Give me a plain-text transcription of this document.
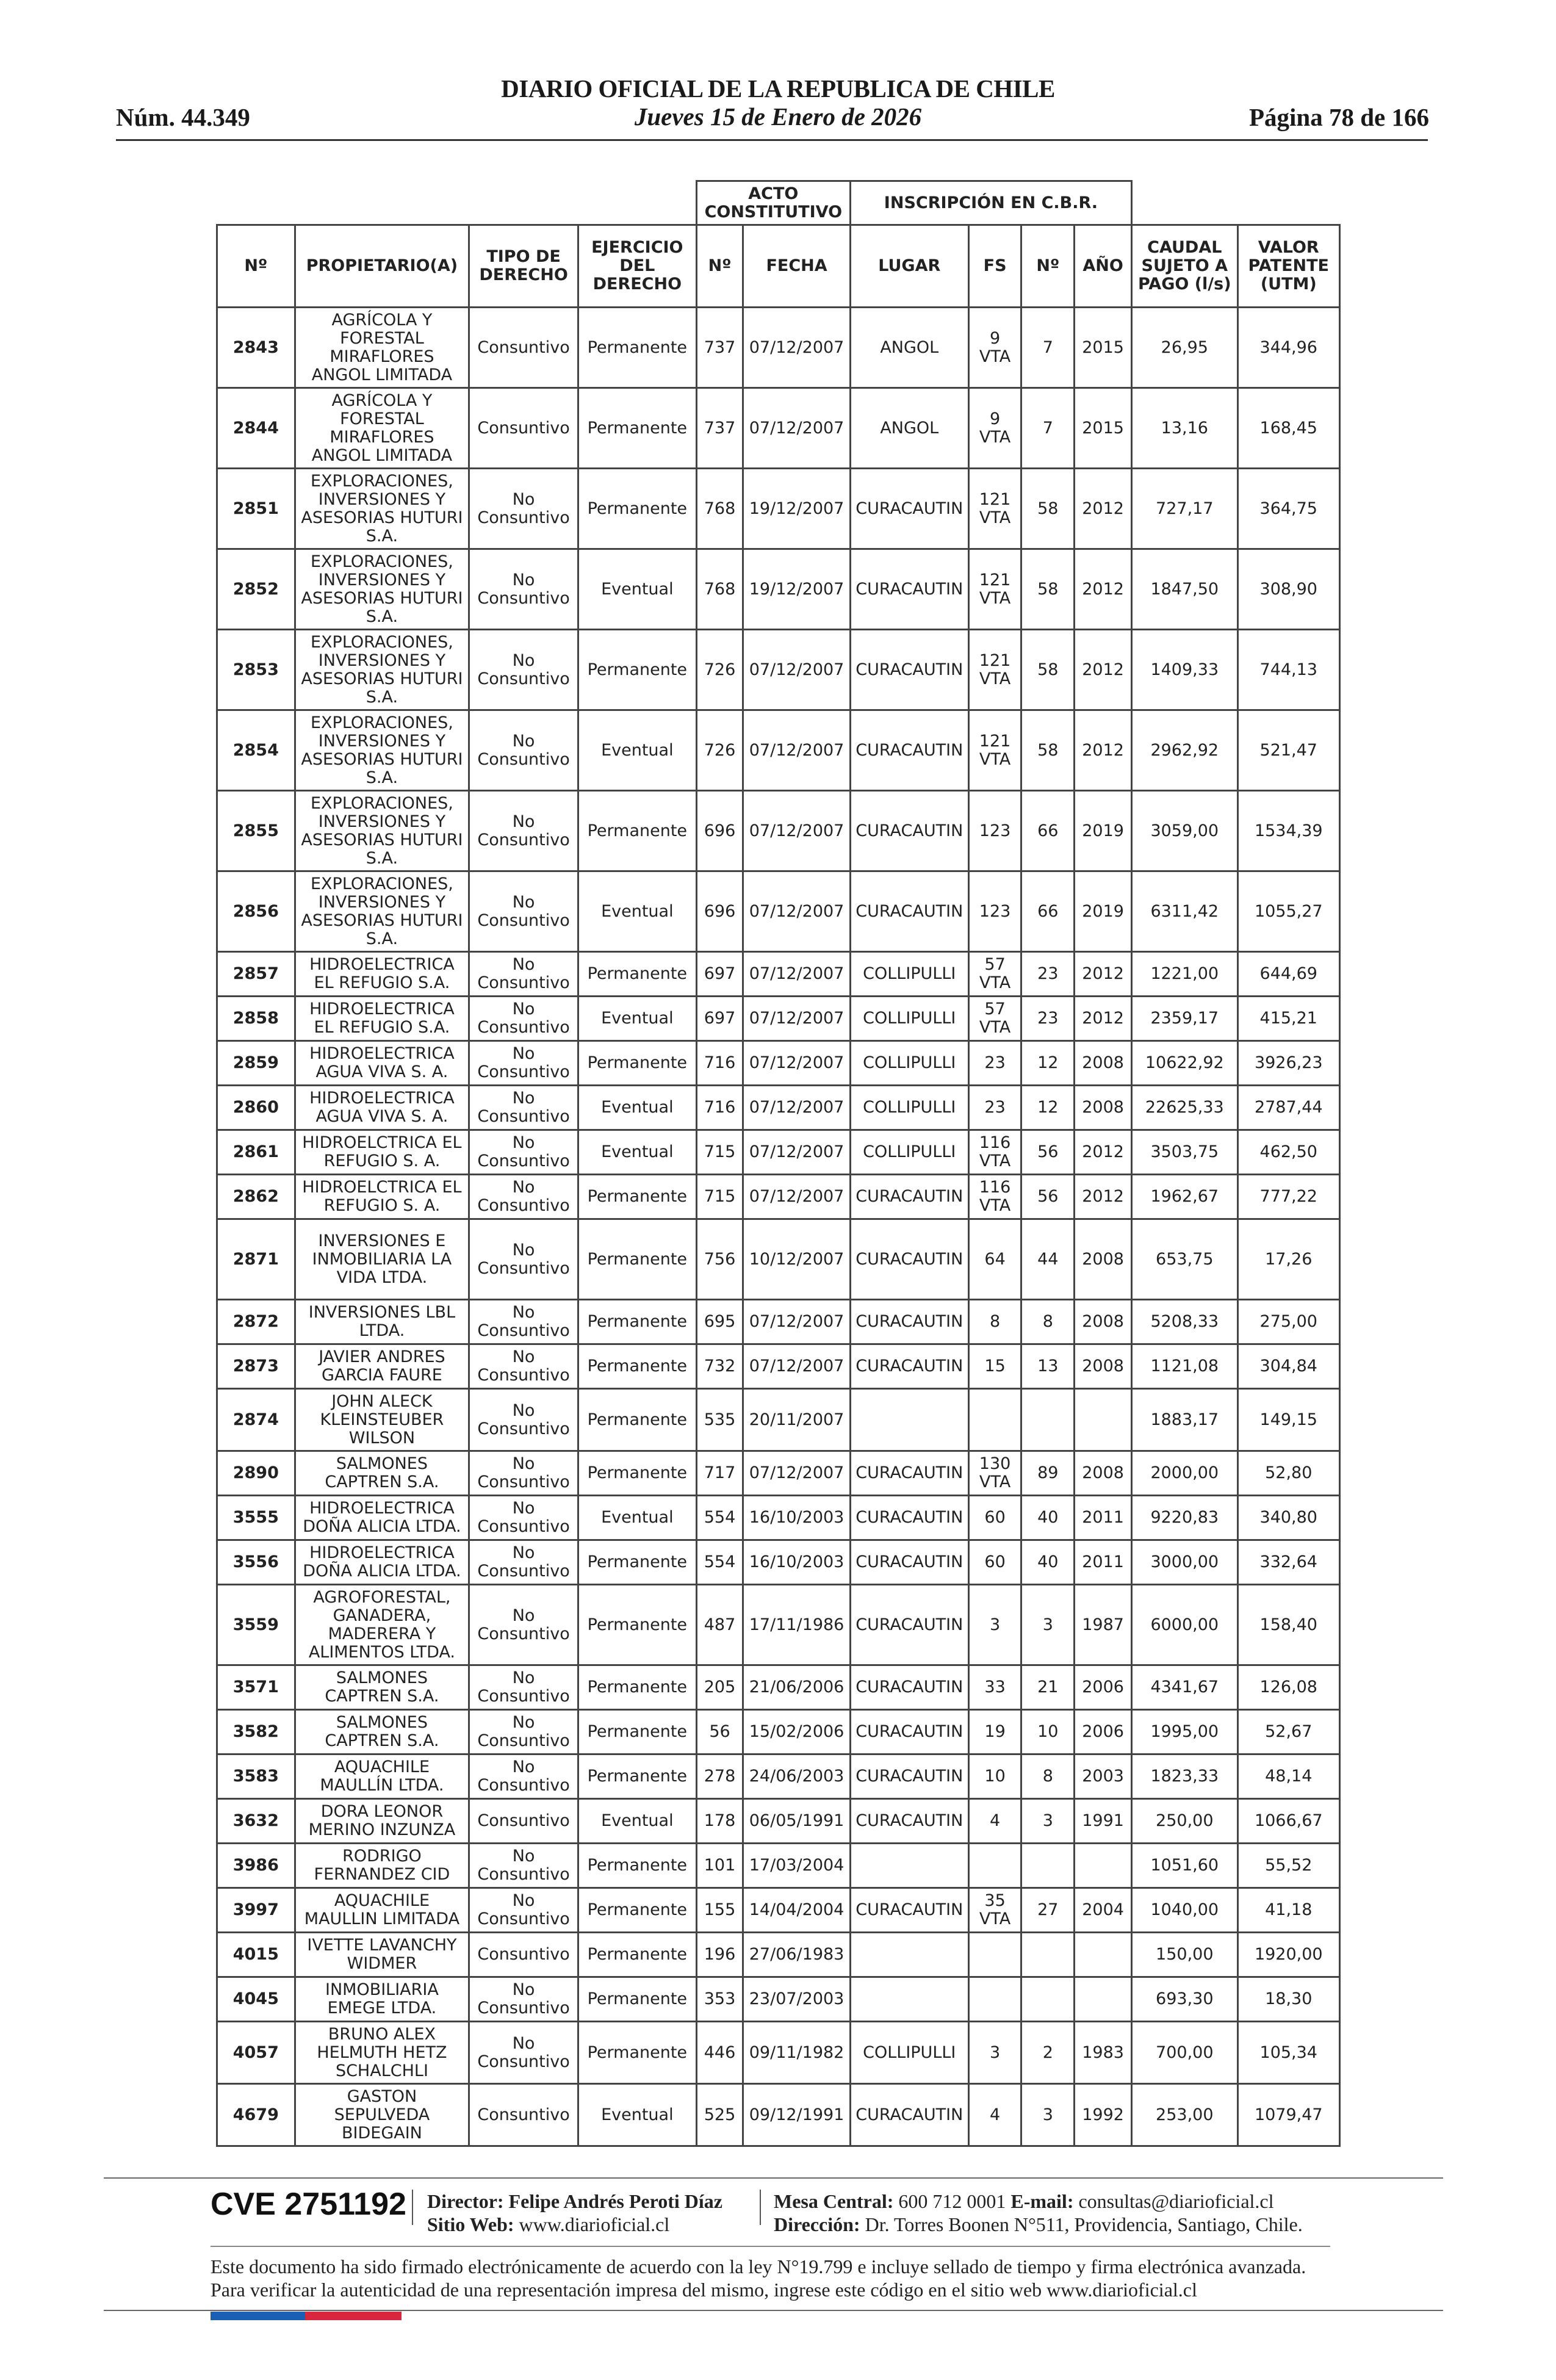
DIARIO OFICIAL DE LA REPUBLICA DE CHILE
Jueves 15 de Enero de 2026
Núm. 44.349	Página 78 de 166
				ACTO CONSTITUTIVO		INSCRIPCIÓN EN C.B.R.					
Nº	PROPIETARIO(A)	TIPO DE DERECHO	EJERCICIO DEL DERECHO	Nº	FECHA	LUGAR	FS	Nº	AÑO	CAUDAL SUJETO A PAGO (l/s)	VALOR PATENTE (UTM)
2843	AGRÍCOLA Y FORESTAL MIRAFLORES ANGOL LIMITADA	Consuntivo	Permanente	737	07/12/2007	ANGOL	9 VTA	7	2015	26,95	344,96
2844	AGRÍCOLA Y FORESTAL MIRAFLORES ANGOL LIMITADA	Consuntivo	Permanente	737	07/12/2007	ANGOL	9 VTA	7	2015	13,16	168,45
2851	EXPLORACIONES, INVERSIONES Y ASESORIAS HUTURI S.A.	No Consuntivo	Permanente	768	19/12/2007	CURACAUTIN	121 VTA	58	2012	727,17	364,75
2852	EXPLORACIONES, INVERSIONES Y ASESORIAS HUTURI S.A.	No Consuntivo	Eventual	768	19/12/2007	CURACAUTIN	121 VTA	58	2012	1847,50	308,90
2853	EXPLORACIONES, INVERSIONES Y ASESORIAS HUTURI S.A.	No Consuntivo	Permanente	726	07/12/2007	CURACAUTIN	121 VTA	58	2012	1409,33	744,13
2854	EXPLORACIONES, INVERSIONES Y ASESORIAS HUTURI S.A.	No Consuntivo	Eventual	726	07/12/2007	CURACAUTIN	121 VTA	58	2012	2962,92	521,47
2855	EXPLORACIONES, INVERSIONES Y ASESORIAS HUTURI S.A.	No Consuntivo	Permanente	696	07/12/2007	CURACAUTIN	123	66	2019	3059,00	1534,39
2856	EXPLORACIONES, INVERSIONES Y ASESORIAS HUTURI S.A.	No Consuntivo	Eventual	696	07/12/2007	CURACAUTIN	123	66	2019	6311,42	1055,27
2857	HIDROELECTRICA EL REFUGIO S.A.	No Consuntivo	Permanente	697	07/12/2007	COLLIPULLI	57 VTA	23	2012	1221,00	644,69
2858	HIDROELECTRICA EL REFUGIO S.A.	No Consuntivo	Eventual	697	07/12/2007	COLLIPULLI	57 VTA	23	2012	2359,17	415,21
2859	HIDROELECTRICA AGUA VIVA S. A.	No Consuntivo	Permanente	716	07/12/2007	COLLIPULLI	23	12	2008	10622,92	3926,23
2860	HIDROELECTRICA AGUA VIVA S. A.	No Consuntivo	Eventual	716	07/12/2007	COLLIPULLI	23	12	2008	22625,33	2787,44
2861	HIDROELCTRICA EL REFUGIO S. A.	No Consuntivo	Eventual	715	07/12/2007	COLLIPULLI	116 VTA	56	2012	3503,75	462,50
2862	HIDROELCTRICA EL REFUGIO S. A.	No Consuntivo	Permanente	715	07/12/2007	CURACAUTIN	116 VTA	56	2012	1962,67	777,22
2871	INVERSIONES E INMOBILIARIA LA VIDA LTDA.	No Consuntivo	Permanente	756	10/12/2007	CURACAUTIN	64	44	2008	653,75	17,26
2872	INVERSIONES LBL LTDA.	No Consuntivo	Permanente	695	07/12/2007	CURACAUTIN	8	8	2008	5208,33	275,00
2873	JAVIER ANDRES GARCIA FAURE	No Consuntivo	Permanente	732	07/12/2007	CURACAUTIN	15	13	2008	1121,08	304,84
2874	JOHN ALECK KLEINSTEUBER WILSON	No Consuntivo	Permanente	535	20/11/2007					1883,17	149,15
2890	SALMONES CAPTREN S.A.	No Consuntivo	Permanente	717	07/12/2007	CURACAUTIN	130 VTA	89	2008	2000,00	52,80
3555	HIDROELECTRICA DOÑA ALICIA LTDA.	No Consuntivo	Eventual	554	16/10/2003	CURACAUTIN	60	40	2011	9220,83	340,80
3556	HIDROELECTRICA DOÑA ALICIA LTDA.	No Consuntivo	Permanente	554	16/10/2003	CURACAUTIN	60	40	2011	3000,00	332,64
3559	AGROFORESTAL, GANADERA, MADERERA Y ALIMENTOS LTDA.	No Consuntivo	Permanente	487	17/11/1986	CURACAUTIN	3	3	1987	6000,00	158,40
3571	SALMONES CAPTREN S.A.	No Consuntivo	Permanente	205	21/06/2006	CURACAUTIN	33	21	2006	4341,67	126,08
3582	SALMONES CAPTREN S.A.	No Consuntivo	Permanente	56	15/02/2006	CURACAUTIN	19	10	2006	1995,00	52,67
3583	AQUACHILE MAULLÍN LTDA.	No Consuntivo	Permanente	278	24/06/2003	CURACAUTIN	10	8	2003	1823,33	48,14
3632	DORA LEONOR MERINO INZUNZA	Consuntivo	Eventual	178	06/05/1991	CURACAUTIN	4	3	1991	250,00	1066,67
3986	RODRIGO FERNANDEZ CID	No Consuntivo	Permanente	101	17/03/2004					1051,60	55,52
3997	AQUACHILE MAULLIN LIMITADA	No Consuntivo	Permanente	155	14/04/2004	CURACAUTIN	35 VTA	27	2004	1040,00	41,18
4015	IVETTE LAVANCHY WIDMER	Consuntivo	Permanente	196	27/06/1983					150,00	1920,00
4045	INMOBILIARIA EMEGE LTDA.	No Consuntivo	Permanente	353	23/07/2003					693,30	18,30
4057	BRUNO ALEX HELMUTH HETZ SCHALCHLI	No Consuntivo	Permanente	446	09/11/1982	COLLIPULLI	3	2	1983	700,00	105,34
4679	GASTON SEPULVEDA BIDEGAIN	Consuntivo	Eventual	525	09/12/1991	CURACAUTIN	4	3	1992	253,00	1079,47
CVE 2751192 Director: Felipe Andrés Peroti Díaz
Sitio Web: www.diarioficial.cl
Mesa Central: 600 712 0001 E-mail: consultas@diarioficial.cl
Dirección: Dr. Torres Boonen N°511, Providencia, Santiago, Chile.
Este documento ha sido firmado electrónicamente de acuerdo con la ley N°19.799 e incluye sellado de tiempo y firma electrónica avanzada. Para verificar la autenticidad de una representación impresa del mismo, ingrese este código en el sitio web www.diarioficial.cl
